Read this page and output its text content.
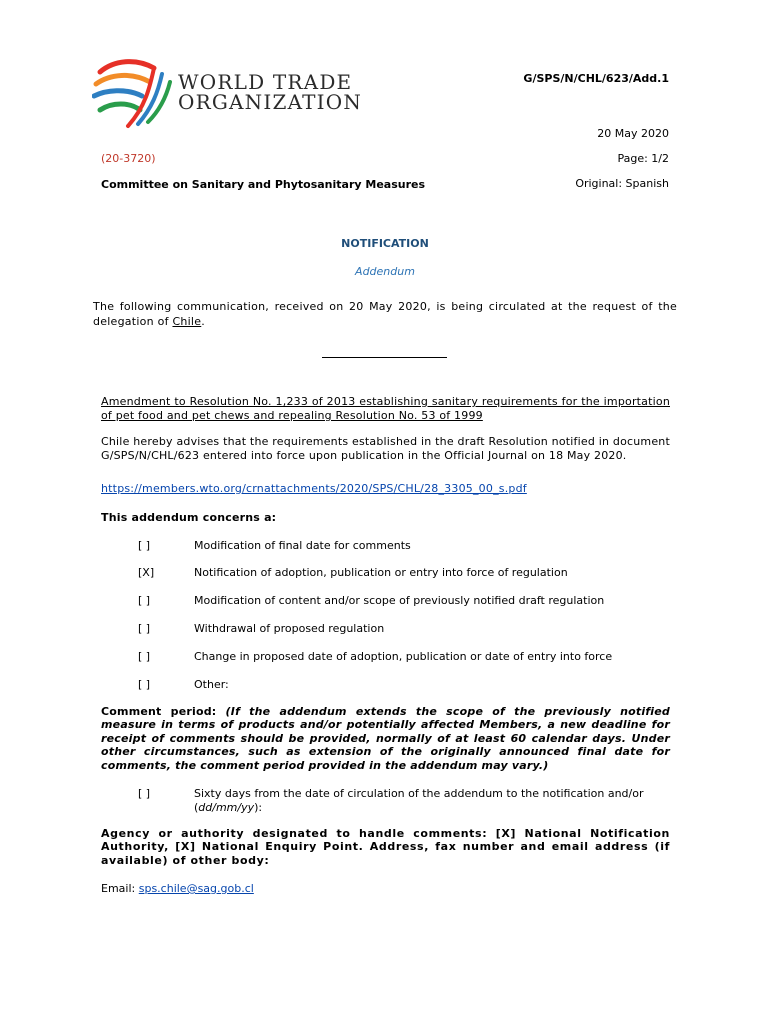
WORLD TRADE
ORGANIZATION
G/SPS/N/CHL/623/Add.1
20 May 2020
(20-3720)	Page: 1/2
Committee on Sanitary and Phytosanitary Measures	Original: Spanish
NOTIFICATION
Addendum
The following communication, received on 20 May 2020, is being circulated at the request of the delegation of Chile.
Amendment to Resolution No. 1,233 of 2013 establishing sanitary requirements for the importation of pet food and pet chews and repealing Resolution No. 53 of 1999
Chile hereby advises that the requirements established in the draft Resolution notified in document G/SPS/N/CHL/623 entered into force upon publication in the Official Journal on 18 May 2020.
https://members.wto.org/crnattachments/2020/SPS/CHL/28_3305_00_s.pdf
This addendum concerns a:
[ ]	Modification of final date for comments
[X]	Notification of adoption, publication or entry into force of regulation
[ ]	Modification of content and/or scope of previously notified draft regulation
[ ]	Withdrawal of proposed regulation
[ ]	Change in proposed date of adoption, publication or date of entry into force
[ ]	Other:
Comment period: (If the addendum extends the scope of the previously notified measure in terms of products and/or potentially affected Members, a new deadline for receipt of comments should be provided, normally of at least 60 calendar days. Under other circumstances, such as extension of the originally announced final date for comments, the comment period provided in the addendum may vary.)
[ ]	Sixty days from the date of circulation of the addendum to the notification and/or
(dd/mm/yy):
Agency or authority designated to handle comments: [X] National Notification Authority, [X] National Enquiry Point. Address, fax number and email address (if available) of other body:
Email: sps.chile@sag.gob.cl
